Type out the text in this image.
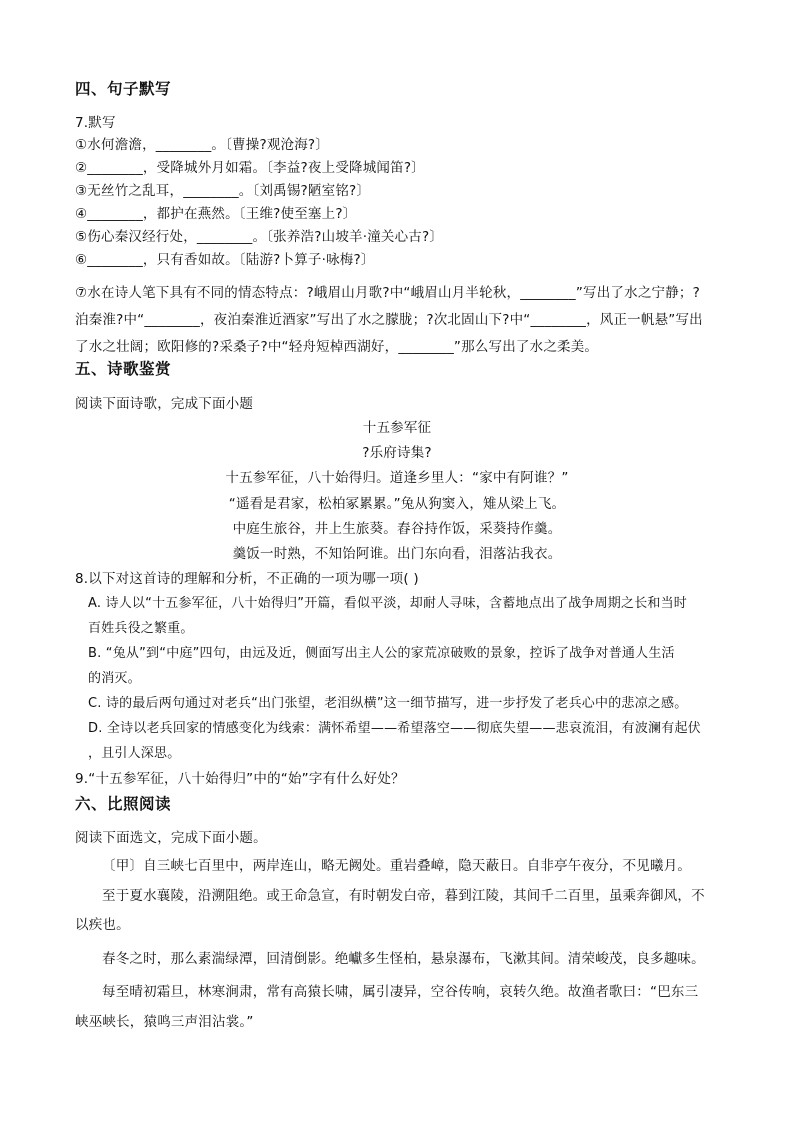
四、句子默写
7.默写
①水何澹澹，________。〔曹操?观沧海?〕
②________，受降城外月如霜。〔李益?夜上受降城闻笛?〕
③无丝竹之乱耳，________。〔刘禹锡?陋室铭?〕
④________，都护在燕然。〔王维?使至塞上?〕
⑤伤心秦汉经行处，________。〔张养浩?山坡羊·潼关心古?〕
⑥________，只有香如故。〔陆游?卜算子·咏梅?〕
⑦水在诗人笔下具有不同的情态特点：?峨眉山月歌?中“峨眉山月半轮秋，________”写出了水之宁静；?
泊秦淮?中“________，夜泊秦淮近酒家”写出了水之朦胧；?次北固山下?中“________，风正一帆悬”写出
了水之壮阔；欧阳修的?采桑子?中“轻舟短棹西湖好，________”那么写出了水之柔美。
五、诗歌鉴赏
阅读下面诗歌，完成下面小题
十五参军征
?乐府诗集?
十五参军征，八十始得归。道逢乡里人：“家中有阿谁？”
“遥看是君家，松柏冢累累。”兔从狗窦入，雉从梁上飞。
中庭生旅谷，井上生旅葵。舂谷持作饭，采葵持作羹。
羹饭一时熟，不知饴阿谁。出门东向看，泪落沾我衣。
8.以下对这首诗的理解和分析，不正确的一项为哪一项( )
A. 诗人以“十五参军征，八十始得归”开篇，看似平淡，却耐人寻味，含蓄地点出了战争周期之长和当时
百姓兵役之繁重。
B. “兔从”到“中庭”四句，由远及近，侧面写出主人公的家荒凉破败的景象，控诉了战争对普通人生活
的消灭。
C. 诗的最后两句通过对老兵“出门张望，老泪纵横”这一细节描写，进一步抒发了老兵心中的悲凉之感。
D. 全诗以老兵回家的情感变化为线索：满怀希望——希望落空——彻底失望——悲哀流泪，有波澜有起伏
，且引人深思。
9.“十五参军征，八十始得归”中的“始”字有什么好处？
六、比照阅读
阅读下面选文，完成下面小题。
〔甲〕自三峡七百里中，两岸连山，略无阙处。重岩叠嶂，隐天蔽日。自非亭午夜分，不见曦月。
至于夏水襄陵，沿溯阻绝。或王命急宣，有时朝发白帝，暮到江陵，其间千二百里，虽乘奔御风，不
以疾也。
春冬之时，那么素湍绿潭，回清倒影。绝巘多生怪柏，悬泉瀑布，飞漱其间。清荣峻茂，良多趣味。
每至晴初霜旦，林寒涧肃，常有高猿长啸，属引凄异，空谷传响，哀转久绝。故渔者歌曰：“巴东三
峡巫峡长，猿鸣三声泪沾裳。”
